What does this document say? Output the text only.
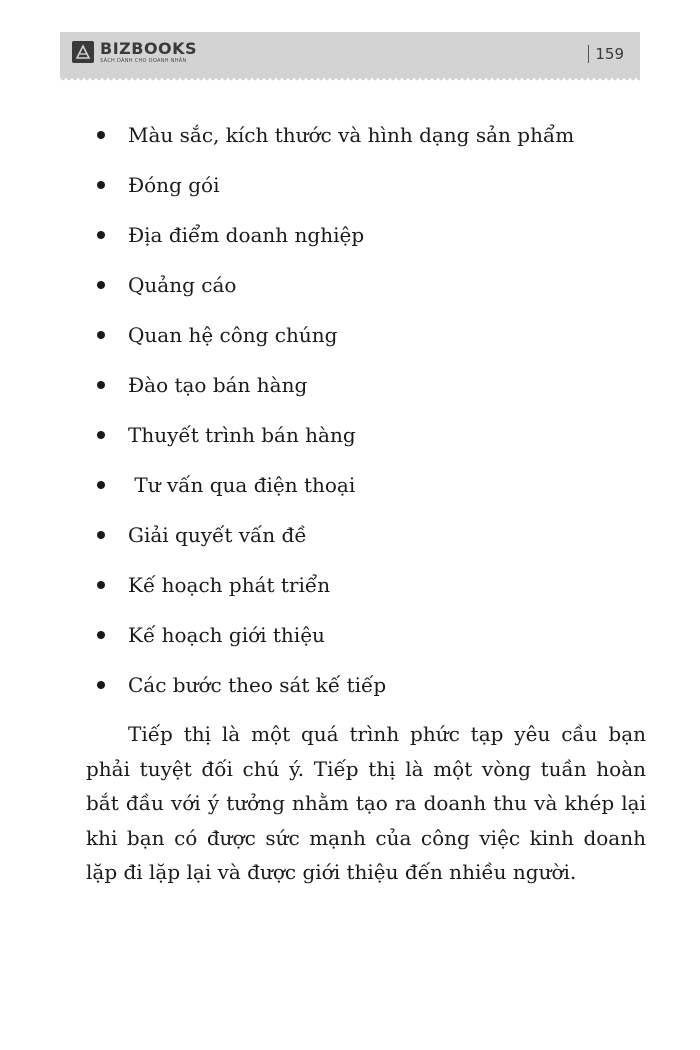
BIZBOOKS
SÁCH DÀNH CHO DOANH NHÂN	159
Màu sắc, kích thước và hình dạng sản phẩm
Đóng gói
Địa điểm doanh nghiệp
Quảng cáo
Quan hệ công chúng
Đào tạo bán hàng
Thuyết trình bán hàng
Tư vấn qua điện thoại
Giải quyết vấn đề
Kế hoạch phát triển
Kế hoạch giới thiệu
Các bước theo sát kế tiếp

Tiếp thị là một quá trình phức tạp yêu cầu bạn phải tuyệt đối chú ý. Tiếp thị là một vòng tuần hoàn bắt đầu với ý tưởng nhằm tạo ra doanh thu và khép lại khi bạn có được sức mạnh của công việc kinh doanh lặp đi lặp lại và được giới thiệu đến nhiều người.
